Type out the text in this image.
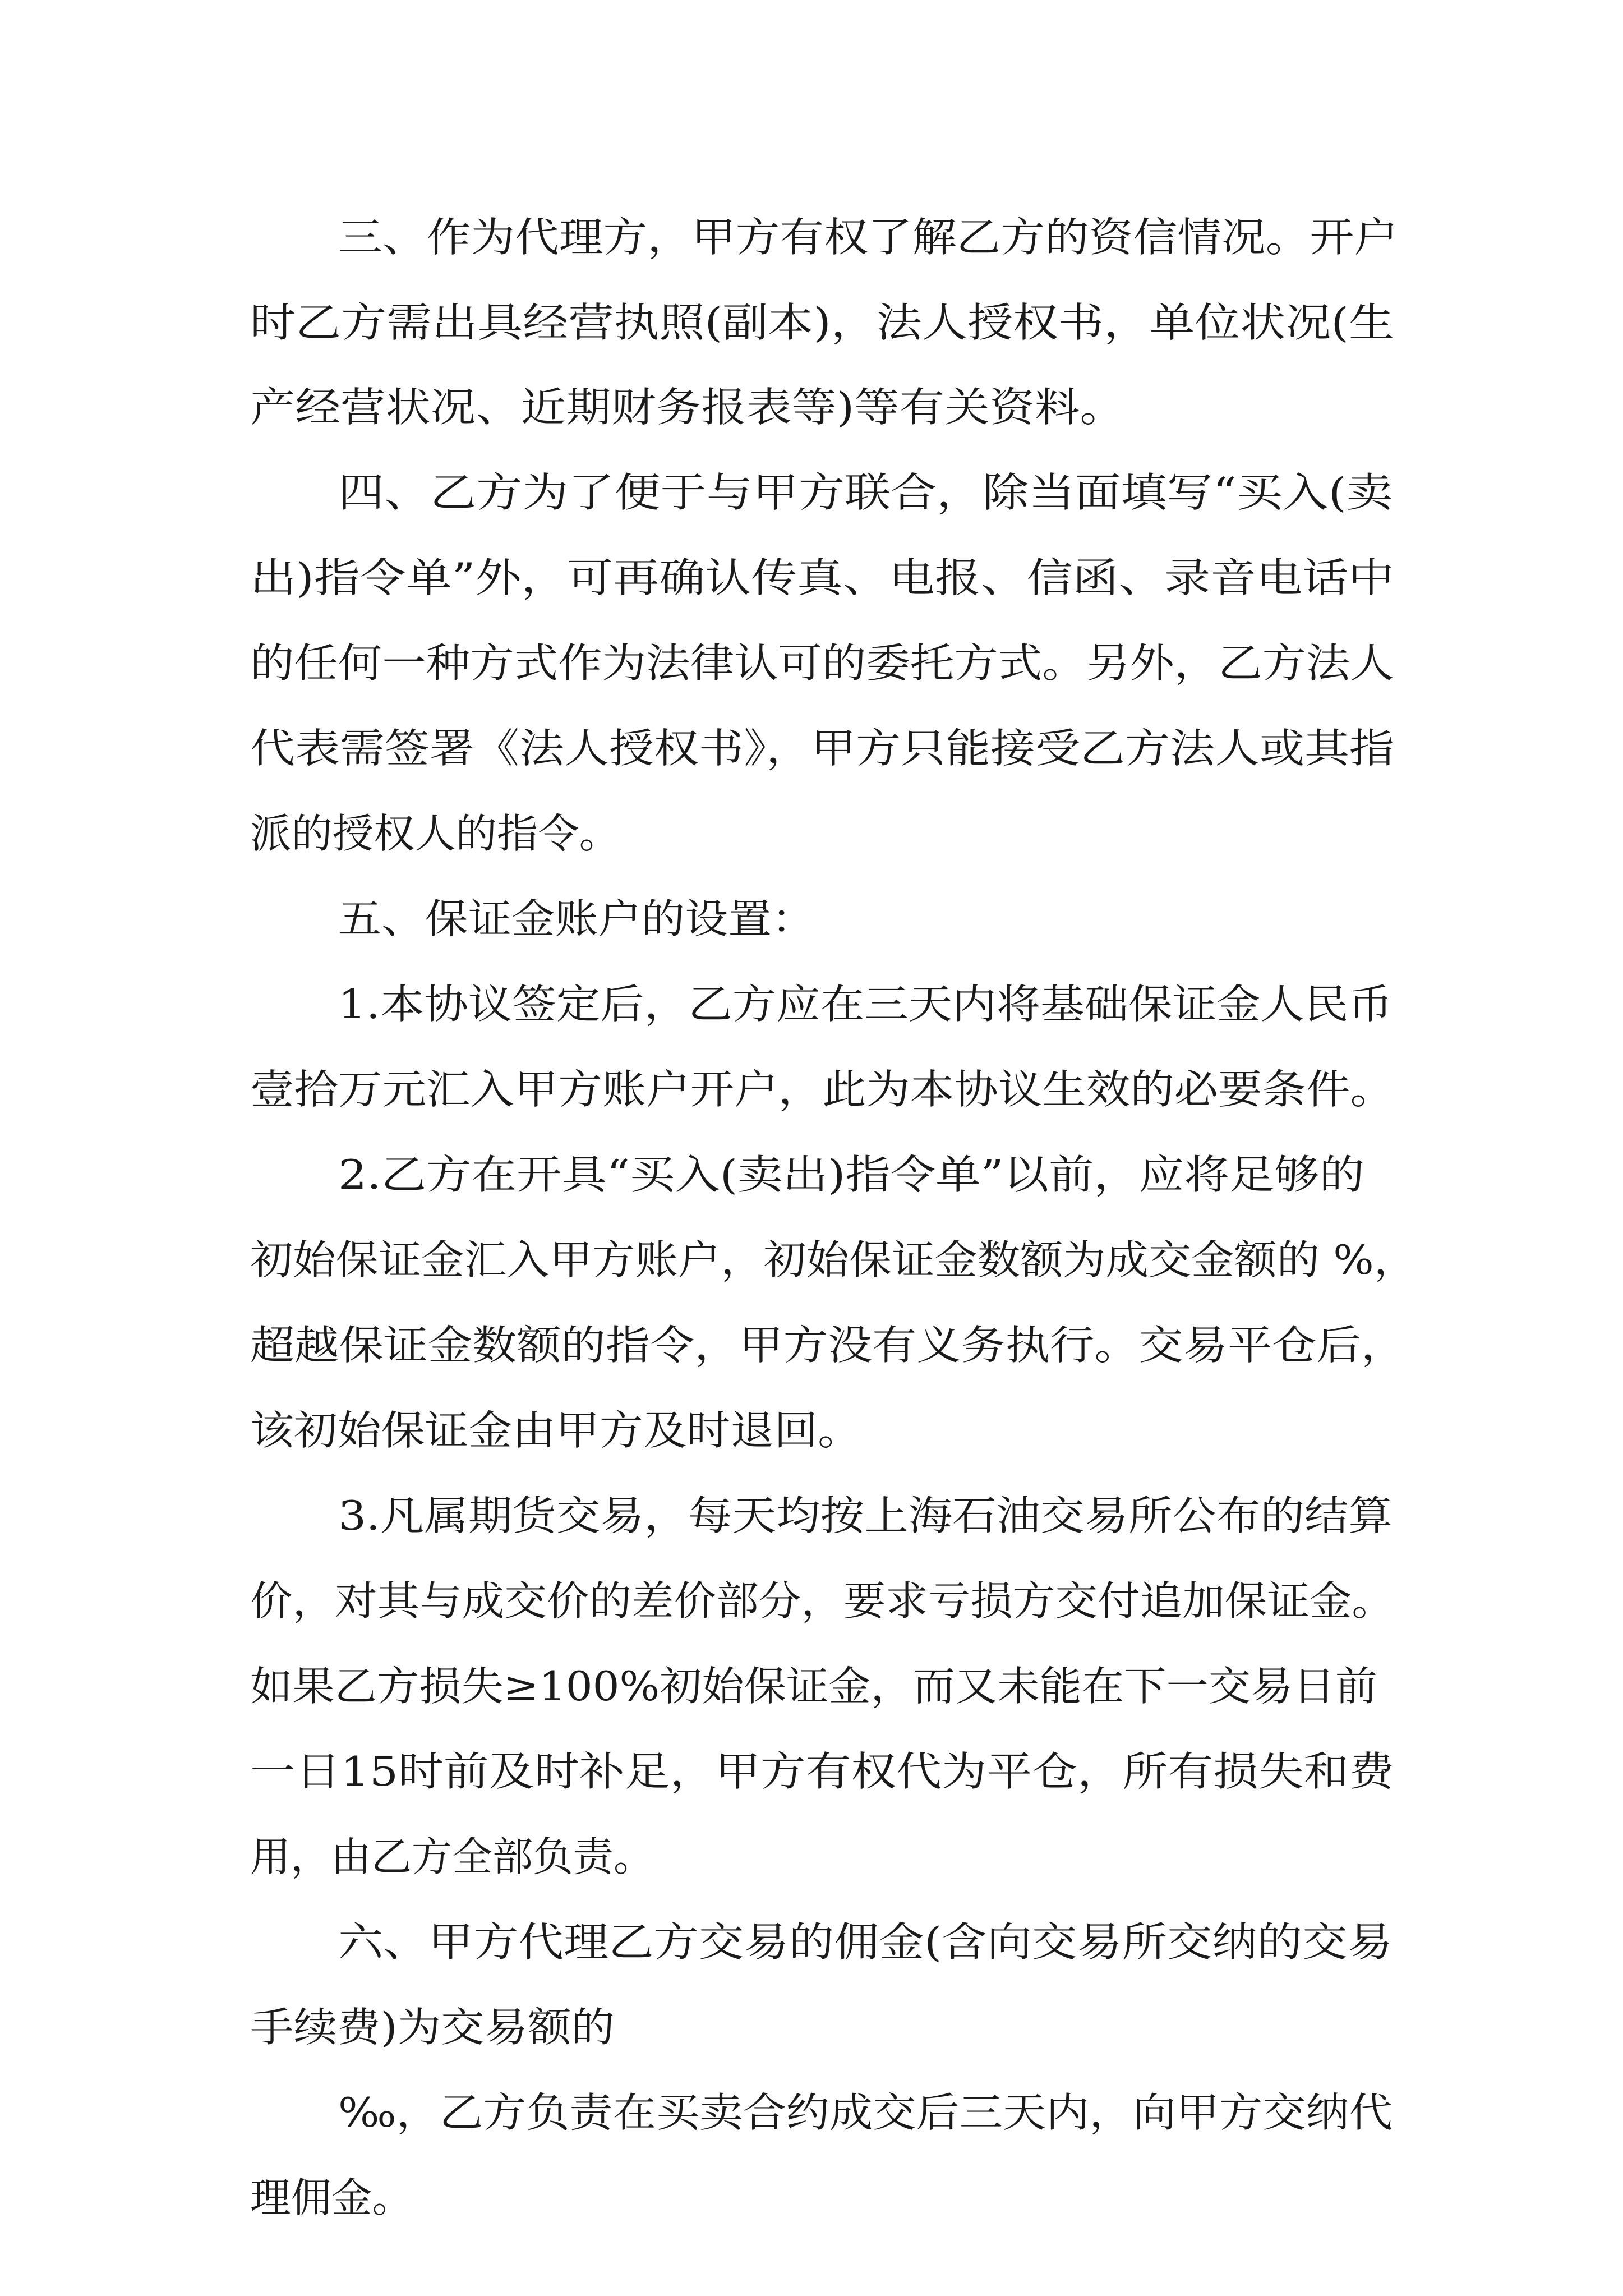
三、作为代理方，甲方有权了解乙方的资信情况。开户
时乙方需出具经营执照(副本)，法人授权书，单位状况(生
产经营状况、近期财务报表等)等有关资料。
四、乙方为了便于与甲方联合，除当面填写“买入(卖
出)指令单”外，可再确认传真、电报、信函、录音电话中
的任何一种方式作为法律认可的委托方式。另外，乙方法人
代表需签署《法人授权书》，甲方只能接受乙方法人或其指
派的授权人的指令。
五、保证金账户的设置：
1.本协议签定后，乙方应在三天内将基础保证金人民币
壹拾万元汇入甲方账户开户，此为本协议生效的必要条件。
2.乙方在开具“买入(卖出)指令单”以前，应将足够的
初始保证金汇入甲方账户，初始保证金数额为成交金额的 %，
超越保证金数额的指令，甲方没有义务执行。交易平仓后，
该初始保证金由甲方及时退回。
3.凡属期货交易，每天均按上海石油交易所公布的结算
价，对其与成交价的差价部分，要求亏损方交付追加保证金。
如果乙方损失≥100%初始保证金，而又未能在下一交易日前
一日15时前及时补足，甲方有权代为平仓，所有损失和费
用，由乙方全部负责。
六、甲方代理乙方交易的佣金(含向交易所交纳的交易
手续费)为交易额的
‰，乙方负责在买卖合约成交后三天内，向甲方交纳代
理佣金。
